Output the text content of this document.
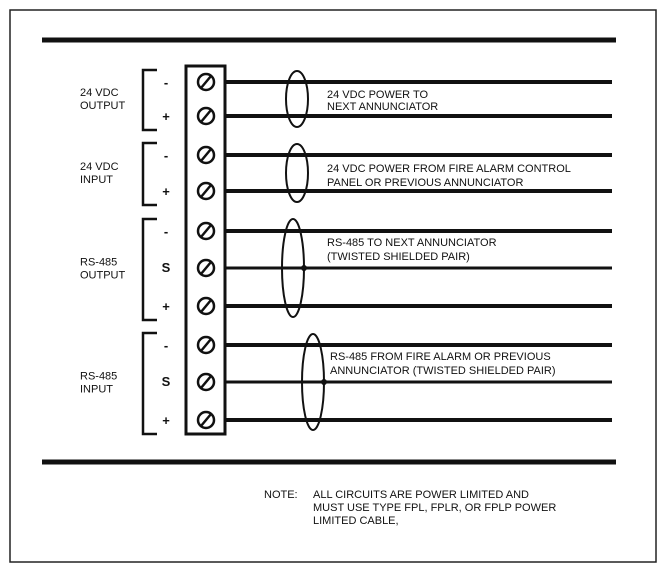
24 VDC
OUTPUT
-
+
24 VDC POWER TO
NEXT ANNUNCIATOR
24 VDC
INPUT
-
+
24 VDC POWER FROM FIRE ALARM CONTROL
PANEL OR PREVIOUS ANNUNCIATOR
RS-485
OUTPUT
-
S
+
RS-485 TO NEXT ANNUNCIATOR
(TWISTED SHIELDED PAIR)
RS-485
INPUT
-
S
+
RS-485 FROM FIRE ALARM OR PREVIOUS
ANNUNCIATOR (TWISTED SHIELDED PAIR)
NOTE: ALL CIRCUITS ARE POWER LIMITED AND
MUST USE TYPE FPL, FPLR, OR FPLP POWER
LIMITED CABLE,
